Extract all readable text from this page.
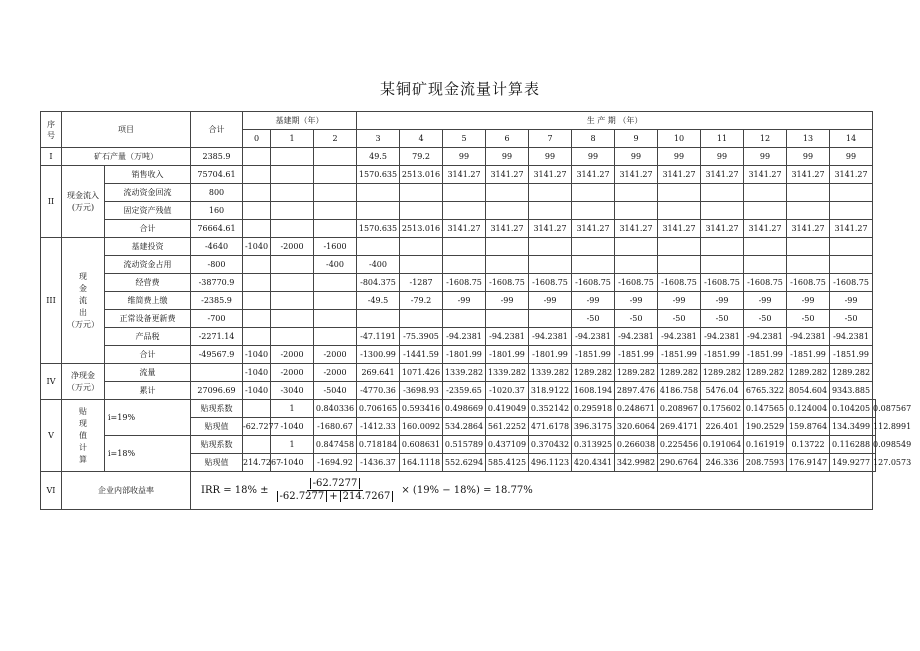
某铜矿现金流量计算表
序
号	项目		合计	基建期（年）			生 产 期 （年）												
				0	1	2	3	4	5	6	7	8	9	10	11	12	13	14	
I	矿石产量（万吨）		2385.9				49.5	79.2	99	99	99	99	99	99	99	99	99	99	
II	现金流入(万元)	销售收入	75704.61				1570.635	2513.016	3141.27	3141.27	3141.27	3141.27	3141.27	3141.27	3141.27	3141.27	3141.27	3141.27	
		流动资金回流	800																
		固定资产残值	160																
		合计	76664.61				1570.635	2513.016	3141.27	3141.27	3141.27	3141.27	3141.27	3141.27	3141.27	3141.27	3141.27	3141.27	
III	现
金
流
出
（万元）	基建投资	-4640	-1040	-2000	-1600													
		流动资金占用	-800			-400	-400												
		经营费	-38770.9				-804.375	-1287	-1608.75	-1608.75	-1608.75	-1608.75	-1608.75	-1608.75	-1608.75	-1608.75	-1608.75	-1608.75	
		维简费上缴	-2385.9				-49.5	-79.2	-99	-99	-99	-99	-99	-99	-99	-99	-99	-99	
		正常设备更新费	-700									-50	-50	-50	-50	-50	-50	-50	
		产品税	-2271.14				-47.1191	-75.3905	-94.2381	-94.2381	-94.2381	-94.2381	-94.2381	-94.2381	-94.2381	-94.2381	-94.2381	-94.2381	
		合计	-49567.9	-1040	-2000	-2000	-1300.99	-1441.59	-1801.99	-1801.99	-1801.99	-1851.99	-1851.99	-1851.99	-1851.99	-1851.99	-1851.99	-1851.99	
IV	净现金
（万元）	流量		-1040	-2000	-2000	269.641	1071.426	1339.282	1339.282	1339.282	1289.282	1289.282	1289.282	1289.282	1289.282	1289.282	1289.282	
		累计	27096.69	-1040	-3040	-5040	-4770.36	-3698.93	-2359.65	-1020.37	318.9122	1608.194	2897.476	4186.758	5476.04	6765.322	8054.604	9343.885	
V	贴
现
值
计
算	i=19%	贴现系数		1	0.840336	0.706165	0.593416	0.498669	0.419049	0.352142	0.295918	0.248671	0.208967	0.175602	0.147565	0.124004	0.104205	0.087567
			贴现值	-62.7277	-1040	-1680.67	-1412.33	160.0092	534.2864	561.2252	471.6178	396.3175	320.6064	269.4171	226.401	190.2529	159.8764	134.3499	112.8991
		i=18%	贴现系数		1	0.847458	0.718184	0.608631	0.515789	0.437109	0.370432	0.313925	0.266038	0.225456	0.191064	0.161919	0.13722	0.116288	0.098549
			贴现值	214.7267	-1040	-1694.92	-1436.37	164.1118	552.6294	585.4125	496.1123	420.4341	342.9982	290.6764	246.336	208.7593	176.9147	149.9277	127.0573
VI	企业内部收益率		IRR = $18\% \pm \frac{-62.7277}{-62.7277 + 214.7267} \times (19\% - 18\%) = 18.77\%$																
